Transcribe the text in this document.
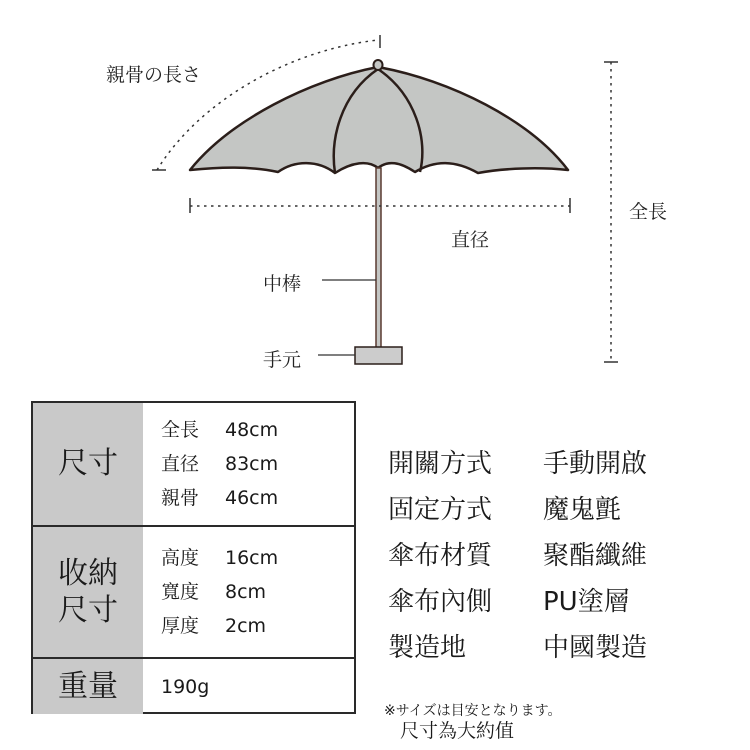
親骨の長さ
全長
直径
中棒
手元
尺寸
全長 48cm
直径 83cm
親骨 46cm
收納
尺寸
高度 16cm
寬度 8cm
厚度 2cm
重量 190g
開關方式 手動開啟
固定方式 魔鬼氈
傘布材質 聚酯纖維
傘布內側 PU塗層
製造地	中國製造
※サイズは目安となります。
尺寸為大約值
